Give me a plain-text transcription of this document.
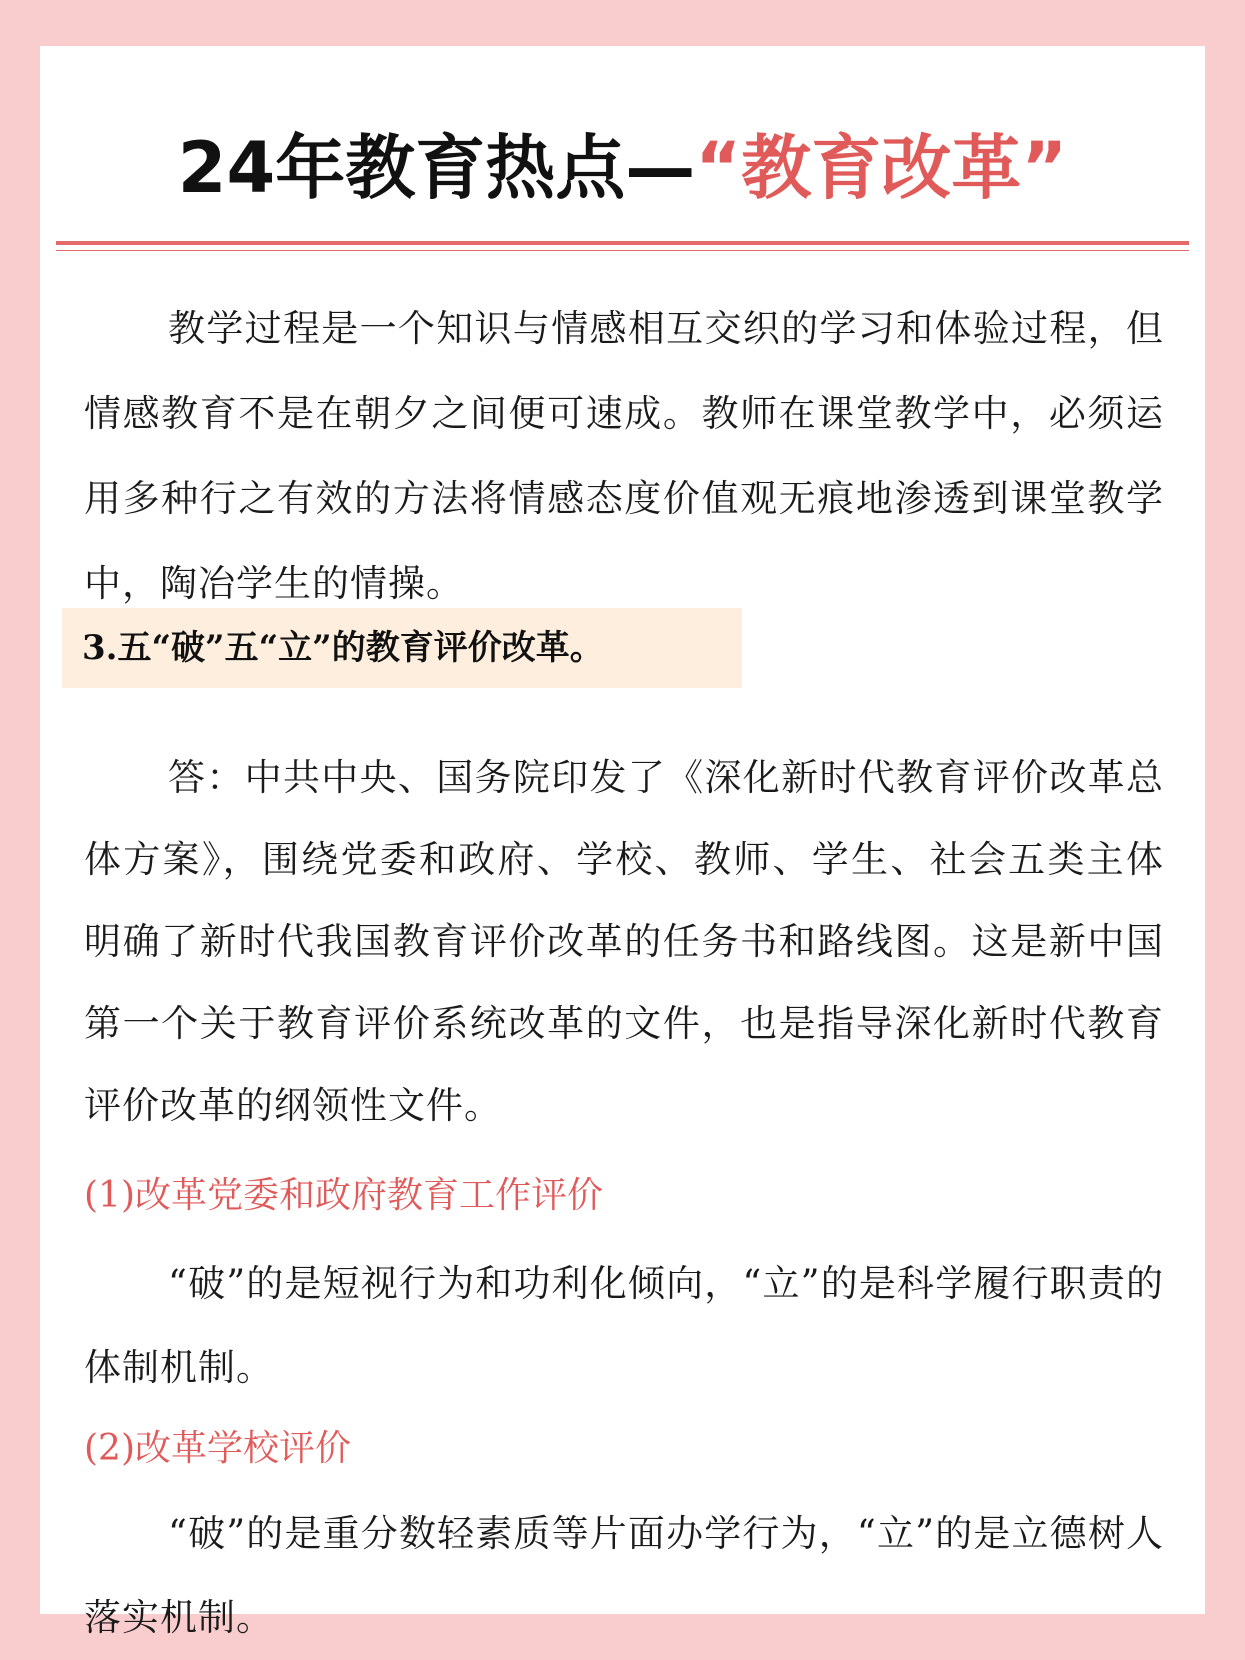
24年教育热点—“教育改革”
教学过程是一个知识与情感相互交织的学习和体验过程，但情感教育不是在朝夕之间便可速成。教师在课堂教学中，必须运用多种行之有效的方法将情感态度价值观无痕地渗透到课堂教学中，陶冶学生的情操。
3.五“破”五“立”的教育评价改革。
答：中共中央、国务院印发了《深化新时代教育评价改革总体方案》，围绕党委和政府、学校、教师、学生、社会五类主体明确了新时代我国教育评价改革的任务书和路线图。这是新中国第一个关于教育评价系统改革的文件，也是指导深化新时代教育评价改革的纲领性文件。
(1)改革党委和政府教育工作评价
“破”的是短视行为和功利化倾向，“立”的是科学履行职责的体制机制。
(2)改革学校评价
“破”的是重分数轻素质等片面办学行为，“立”的是立德树人落实机制。
